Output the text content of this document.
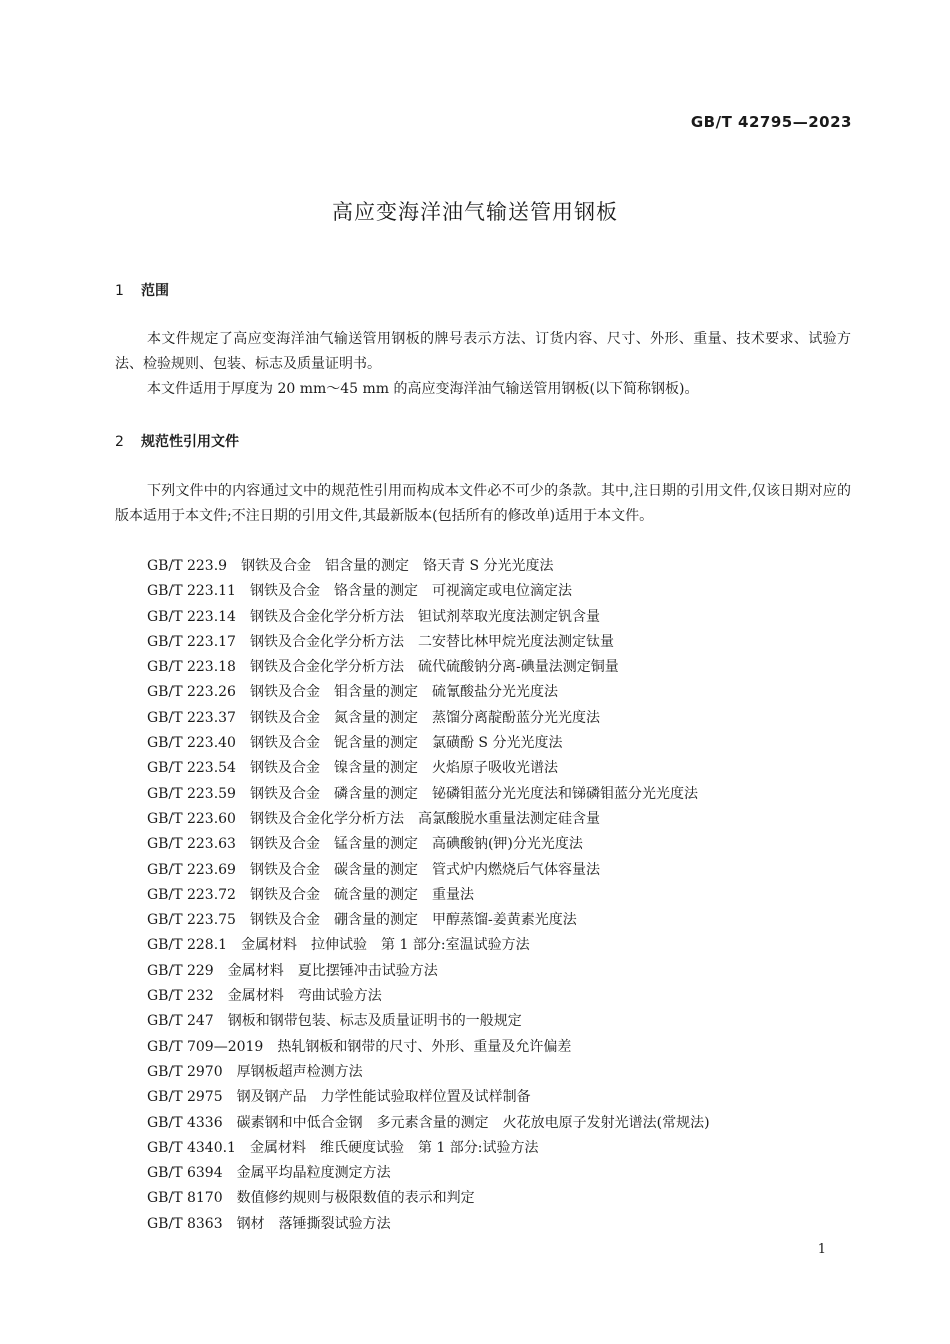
GB/T 42795—2023
高应变海洋油气输送管用钢板
1 范围

本文件规定了高应变海洋油气输送管用钢板的牌号表示方法、订货内容、尺寸、外形、重量、技术要求、试验方法、检验规则、包装、标志及质量证明书。

本文件适用于厚度为 20 mm～45 mm 的高应变海洋油气输送管用钢板(以下简称钢板)。

2 规范性引用文件

下列文件中的内容通过文中的规范性引用而构成本文件必不可少的条款。其中,注日期的引用文件,仅该日期对应的版本适用于本文件;不注日期的引用文件,其最新版本(包括所有的修改单)适用于本文件。

GB/T 223.9 钢铁及合金　铝含量的测定　铬天青 S 分光光度法
GB/T 223.11 钢铁及合金　铬含量的测定　可视滴定或电位滴定法
GB/T 223.14 钢铁及合金化学分析方法　钽试剂萃取光度法测定钒含量
GB/T 223.17 钢铁及合金化学分析方法　二安替比林甲烷光度法测定钛量
GB/T 223.18 钢铁及合金化学分析方法　硫代硫酸钠分离-碘量法测定铜量
GB/T 223.26 钢铁及合金　钼含量的测定　硫氰酸盐分光光度法
GB/T 223.37 钢铁及合金　氮含量的测定　蒸馏分离靛酚蓝分光光度法
GB/T 223.40 钢铁及合金　铌含量的测定　氯磺酚 S 分光光度法
GB/T 223.54 钢铁及合金　镍含量的测定　火焰原子吸收光谱法
GB/T 223.59 钢铁及合金　磷含量的测定　铋磷钼蓝分光光度法和锑磷钼蓝分光光度法
GB/T 223.60 钢铁及合金化学分析方法　高氯酸脱水重量法测定硅含量
GB/T 223.63 钢铁及合金　锰含量的测定　高碘酸钠(钾)分光光度法
GB/T 223.69 钢铁及合金　碳含量的测定　管式炉内燃烧后气体容量法
GB/T 223.72 钢铁及合金　硫含量的测定　重量法
GB/T 223.75 钢铁及合金　硼含量的测定　甲醇蒸馏-姜黄素光度法
GB/T 228.1 金属材料　拉伸试验　第 1 部分:室温试验方法
GB/T 229 金属材料　夏比摆锤冲击试验方法
GB/T 232 金属材料　弯曲试验方法
GB/T 247 钢板和钢带包装、标志及质量证明书的一般规定
GB/T 709—2019 热轧钢板和钢带的尺寸、外形、重量及允许偏差
GB/T 2970 厚钢板超声检测方法
GB/T 2975 钢及钢产品　力学性能试验取样位置及试样制备
GB/T 4336 碳素钢和中低合金钢　多元素含量的测定　火花放电原子发射光谱法(常规法)
GB/T 4340.1 金属材料　维氏硬度试验　第 1 部分:试验方法
GB/T 6394 金属平均晶粒度测定方法
GB/T 8170 数值修约规则与极限数值的表示和判定
GB/T 8363 钢材　落锤撕裂试验方法
1
